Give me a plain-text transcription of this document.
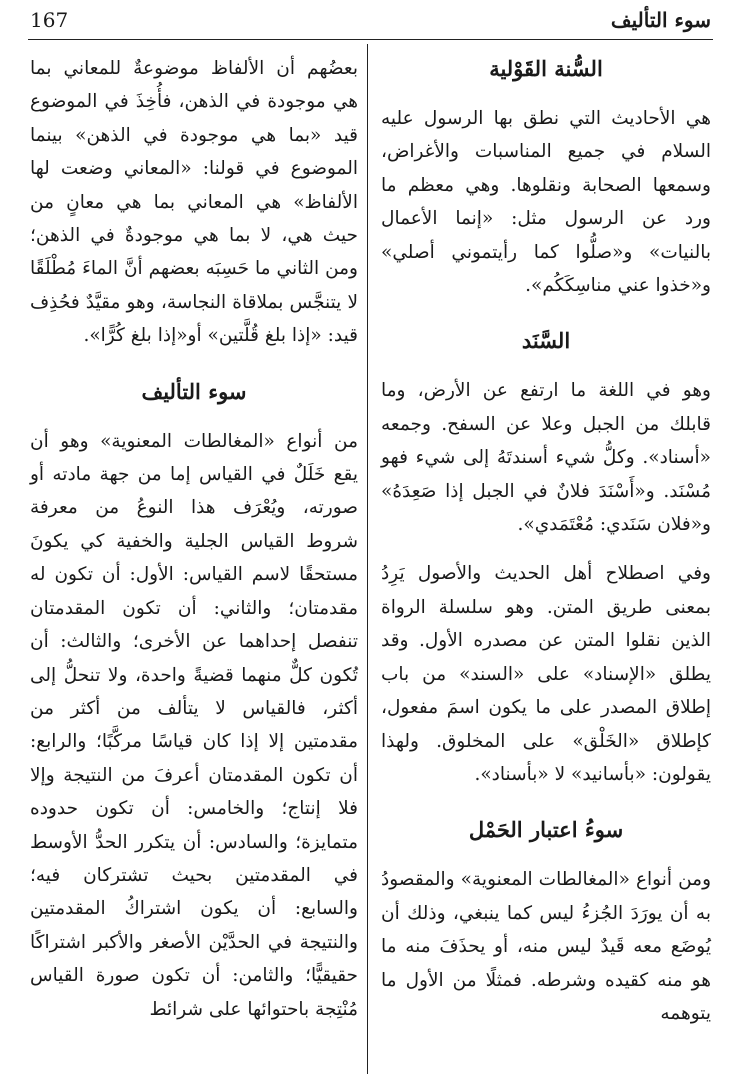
سوء التأليف
167
السُّنة القَوْلية

هي الأحاديث التي نطق بها الرسول عليه السلام في جميع المناسبات والأغراض، وسمعها الصحابة ونقلوها. وهي معظم ما ورد عن الرسول مثل: «إنما الأعمال بالنيات» و«صلُّوا كما رأيتموني أصلي» و«خذوا عني مناسِكَكُم».

السَّنَد

وهو في اللغة ما ارتفع عن الأرض، وما قابلك من الجبل وعلا عن السفح. وجمعه «أسناد». وكلُّ شيء أسندتَهُ إلى شيء فهو مُسْنَد. و«أَسْنَدَ فلانٌ في الجبل إذا صَعِدَهُ» و«فلان سَنَدي: مُعْتَمَدي».

وفي اصطلاح أهل الحديث والأصول يَرِدُ بمعنى طريق المتن. وهو سلسلة الرواة الذين نقلوا المتن عن مصدره الأول. وقد يطلق «الإسناد» على «السند» من باب إطلاق المصدر على ما يكون اسمَ مفعول، كإطلاق «الخَلْق» على المخلوق. ولهذا يقولون: «بأسانيد» لا «بأسناد».

سوءُ اعتبار الحَمْل

ومن أنواع «المغالطات المعنوية» والمقصودُ به أن يورَدَ الجُزءُ ليس كما ينبغي، وذلك أن يُوضَع معه قَيدٌ ليس منه، أو يحذَفَ منه ما هو منه كقيده وشرطه. فمثلًا من الأول ما يتوهمه

بعضُهم أن الألفاظ موضوعةٌ للمعاني بما هي موجودة في الذهن، فأُخِذَ في الموضوع قيد «بما هي موجودة في الذهن» بينما الموضوع في قولنا: «المعاني وضعت لها الألفاظ» هي المعاني بما هي معانٍ من حيث هي، لا بما هي موجودةٌ في الذهن؛ ومن الثاني ما حَسِبَه بعضهم أنَّ الماءَ مُطْلَقًا لا يتنجَّس بملاقاة النجاسة، وهو مقيَّدٌ فحُذِف قيد: «إذا بلغ قُلَّتين» أو«إذا بلغ كُرًّا».

سوء التأليف

من أنواع «المغالطات المعنوية» وهو أن يقع خَلَلٌ في القياس إما من جهة مادته أو صورته، ويُعْرَف هذا النوعُ من معرفة شروط القياس الجلية والخفية كي يكونَ مستحقًا لاسم القياس: الأول: أن تكون له مقدمتان؛ والثاني: أن تكون المقدمتان تنفصل إحداهما عن الأخرى؛ والثالث: أن تُكون كلٌّ منهما قضيةً واحدة، ولا تنحلُّ إلى أكثر، فالقياس لا يتألف من أكثر من مقدمتين إلا إذا كان قياسًا مركَّبًا؛ والرابع: أن تكون المقدمتان أعرفَ من النتيجة وإلا فلا إنتاج؛ والخامس: أن تكون حدوده متمايزة؛ والسادس: أن يتكرر الحدُّ الأوسط في المقدمتين بحيث تشتركان فيه؛ والسابع: أن يكون اشتراكُ المقدمتين والنتيجة في الحدَّيْن الأصغر والأكبر اشتراكًا حقيقيًّا؛ والثامن: أن تكون صورة القياس مُنْتِجة باحتوائها على شرائط
